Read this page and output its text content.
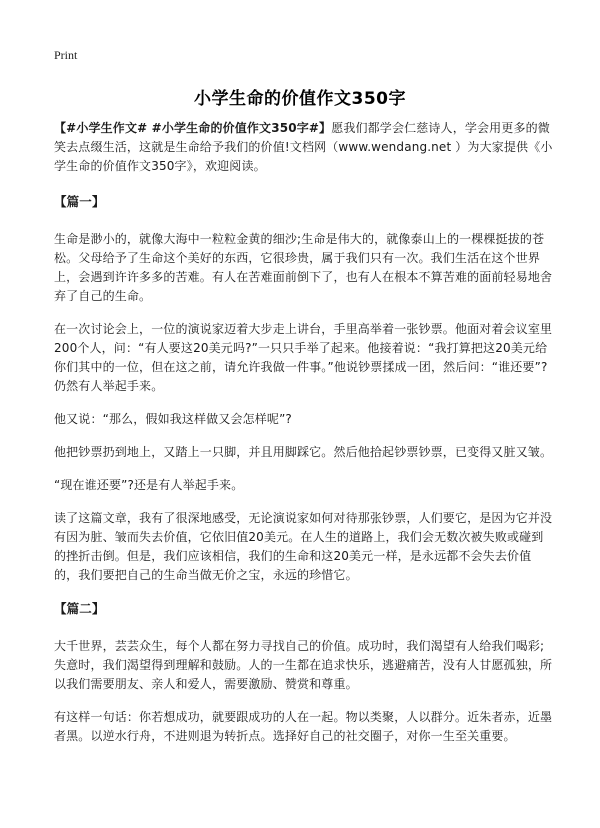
Print
小学生命的价值作文350字

【#小学生作文# #小学生命的价值作文350字#】愿我们都学会仁慈诗人，学会用更多的微笑去点缀生活，这就是生命给予我们的价值!文档网（www.wendang.net ）为大家提供《小学生命的价值作文350字》，欢迎阅读。

【篇一】

生命是渺小的，就像大海中一粒粒金黄的细沙;生命是伟大的，就像泰山上的一棵棵挺拔的苍松。父母给予了生命这个美好的东西，它很珍贵，属于我们只有一次。我们生活在这个世界上，会遇到许许多多的苦难。有人在苦难面前倒下了，也有人在根本不算苦难的面前轻易地舍弃了自己的生命。

在一次讨论会上，一位的演说家迈着大步走上讲台，手里高举着一张钞票。他面对着会议室里200个人，问：“有人要这20美元吗?”一只只手举了起来。他接着说：“我打算把这20美元给你们其中的一位，但在这之前，请允许我做一件事。”他说钞票揉成一团，然后问：“谁还要”?仍然有人举起手来。

他又说：“那么，假如我这样做又会怎样呢”?

他把钞票扔到地上，又踏上一只脚，并且用脚踩它。然后他拾起钞票钞票，已变得又脏又皱。

“现在谁还要”?还是有人举起手来。

读了这篇文章，我有了很深地感受，无论演说家如何对待那张钞票，人们要它，是因为它并没有因为脏、皱而失去价值，它依旧值20美元。在人生的道路上，我们会无数次被失败或碰到的挫折击倒。但是，我们应该相信，我们的生命和这20美元一样，是永远都不会失去价值的，我们要把自己的生命当做无价之宝，永远的珍惜它。

【篇二】

大千世界，芸芸众生，每个人都在努力寻找自己的价值。成功时，我们渴望有人给我们喝彩;失意时，我们渴望得到理解和鼓励。人的一生都在追求快乐，逃避痛苦，没有人甘愿孤独，所以我们需要朋友、亲人和爱人，需要激励、赞赏和尊重。

有这样一句话：你若想成功，就要跟成功的人在一起。物以类聚，人以群分。近朱者赤，近墨者黑。以逆水行舟，不进则退为转折点。选择好自己的社交圈子，对你一生至关重要。
